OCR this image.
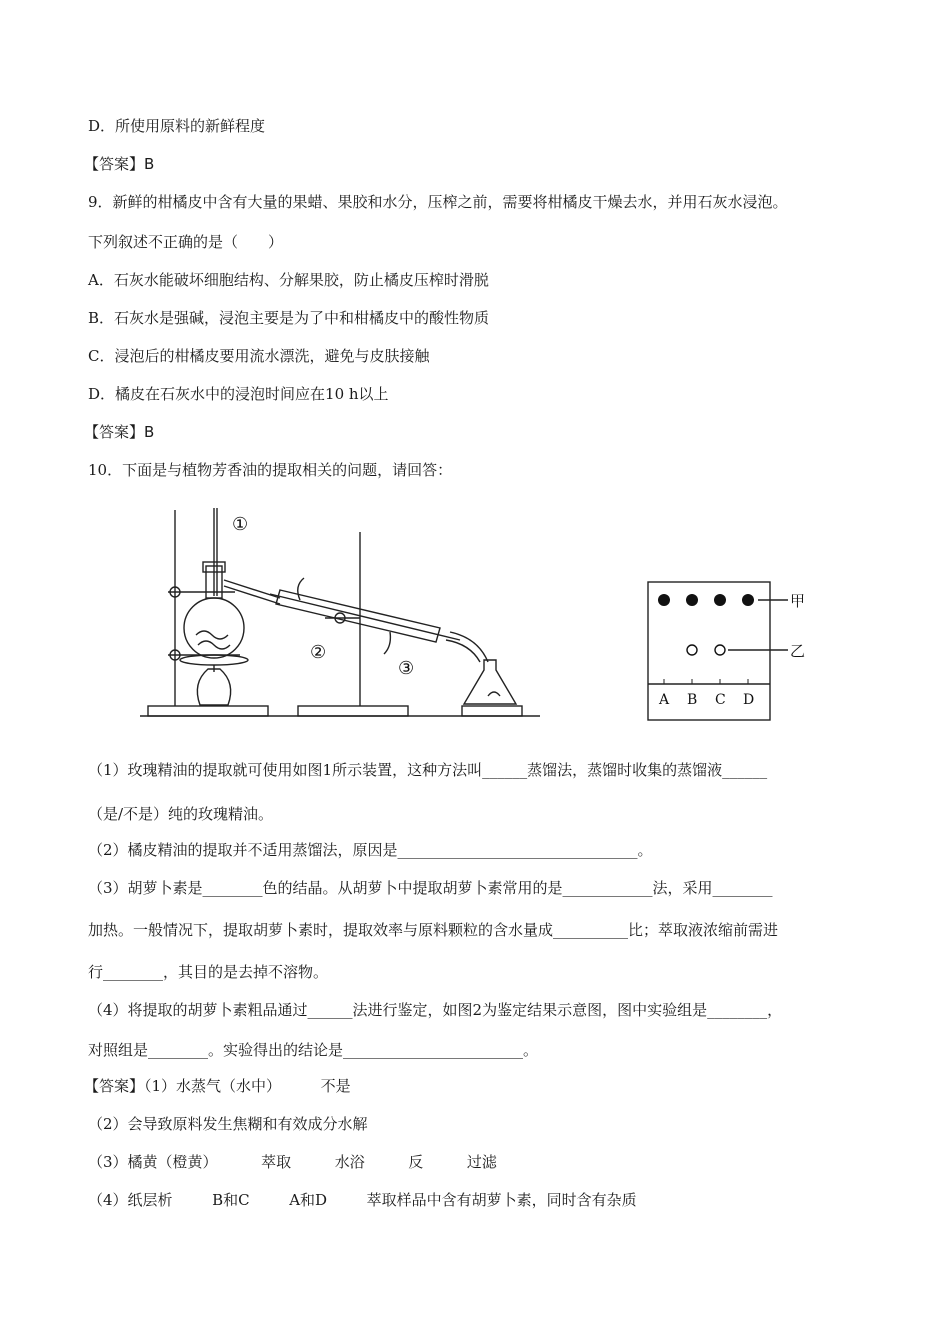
D．所使用原料的新鲜程度
【答案】B
9．新鲜的柑橘皮中含有大量的果蜡、果胶和水分，压榨之前，需要将柑橘皮干燥去水，并用石灰水浸泡。
下列叙述不正确的是（　　）
A．石灰水能破坏细胞结构、分解果胶，防止橘皮压榨时滑脱
B．石灰水是强碱，浸泡主要是为了中和柑橘皮中的酸性物质
C．浸泡后的柑橘皮要用流水漂洗，避免与皮肤接触
D．橘皮在石灰水中的浸泡时间应在10 h以上
【答案】B
10．下面是与植物芳香油的提取相关的问题，请回答：
①
②
③
A B C D
甲
乙
（1）玫瑰精油的提取就可使用如图1所示装置，这种方法叫______蒸馏法，蒸馏时收集的蒸馏液______
（是/不是）纯的玫瑰精油。
（2）橘皮精油的提取并不适用蒸馏法，原因是________________________________。
（3）胡萝卜素是________色的结晶。从胡萝卜中提取胡萝卜素常用的是____________法，采用________
加热。一般情况下，提取胡萝卜素时，提取效率与原料颗粒的含水量成__________比；萃取液浓缩前需进
行________，其目的是去掉不溶物。
（4）将提取的胡萝卜素粗品通过______法进行鉴定，如图2为鉴定结果示意图，图中实验组是________，
对照组是________。实验得出的结论是________________________。
【答案】（1）水蒸气（水中）	不是
（2）会导致原料发生焦糊和有效成分水解
（3）橘黄（橙黄）	萃取	水浴	反	过滤
（4）纸层析	B和C	A和D	萃取样品中含有胡萝卜素，同时含有杂质
